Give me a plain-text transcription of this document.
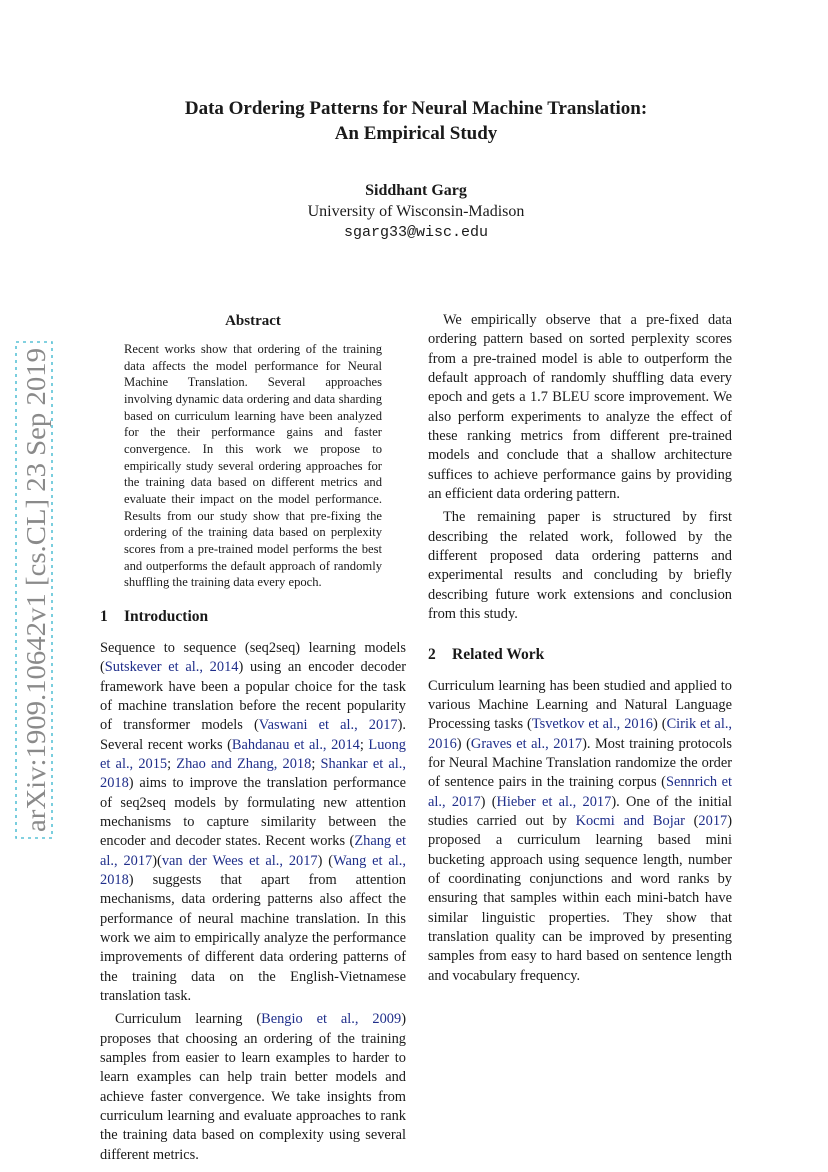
arXiv:1909.10642v1 [cs.CL] 23 Sep 2019
Data Ordering Patterns for Neural Machine Translation:
An Empirical Study
Siddhant Garg
University of Wisconsin-Madison
sgarg33@wisc.edu
Abstract

Recent works show that ordering of the training data affects the model performance for Neural Machine Translation. Several approaches involving dynamic data ordering and data sharding based on curriculum learning have been analyzed for the their performance gains and faster convergence. In this work we propose to empirically study several ordering approaches for the training data based on different metrics and evaluate their impact on the model performance. Results from our study show that pre-fixing the ordering of the training data based on perplexity scores from a pre-trained model performs the best and outperforms the default approach of randomly shuffling the training data every epoch.

1 Introduction

Sequence to sequence (seq2seq) learning models (Sutskever et al., 2014) using an encoder decoder framework have been a popular choice for the task of machine translation before the recent popularity of transformer models (Vaswani et al., 2017). Several recent works (Bahdanau et al., 2014; Luong et al., 2015; Zhao and Zhang, 2018; Shankar et al., 2018) aims to improve the translation performance of seq2seq models by formulating new attention mechanisms to capture similarity between the encoder and decoder states. Recent works (Zhang et al., 2017)(van der Wees et al., 2017) (Wang et al., 2018) suggests that apart from attention mechanisms, data ordering patterns also affect the performance of neural machine translation. In this work we aim to empirically analyze the performance improvements of different data ordering patterns of the training data on the English-Vietnamese translation task.

Curriculum learning (Bengio et al., 2009) proposes that choosing an ordering of the training samples from easier to learn examples to harder to learn examples can help train better models and achieve faster convergence. We take insights from curriculum learning and evaluate approaches to rank the training data based on complexity using several different metrics.

We empirically observe that a pre-fixed data ordering pattern based on sorted perplexity scores from a pre-trained model is able to outperform the default approach of randomly shuffling data every epoch and gets a 1.7 BLEU score improvement. We also perform experiments to analyze the effect of these ranking metrics from different pre-trained models and conclude that a shallow architecture suffices to achieve performance gains by providing an efficient data ordering pattern.

The remaining paper is structured by first describing the related work, followed by the different proposed data ordering patterns and experimental results and concluding by briefly describing future work extensions and conclusion from this study.

2 Related Work

Curriculum learning has been studied and applied to various Machine Learning and Natural Language Processing tasks (Tsvetkov et al., 2016) (Cirik et al., 2016) (Graves et al., 2017). Most training protocols for Neural Machine Translation randomize the order of sentence pairs in the training corpus (Sennrich et al., 2017) (Hieber et al., 2017). One of the initial studies carried out by Kocmi and Bojar (2017) proposed a curriculum learning based mini bucketing approach using sequence length, number of coordinating conjunctions and word ranks by ensuring that samples within each mini-batch have similar linguistic properties. They show that translation quality can be improved by presenting samples from easy to hard based on sentence length and vocabulary frequency.
